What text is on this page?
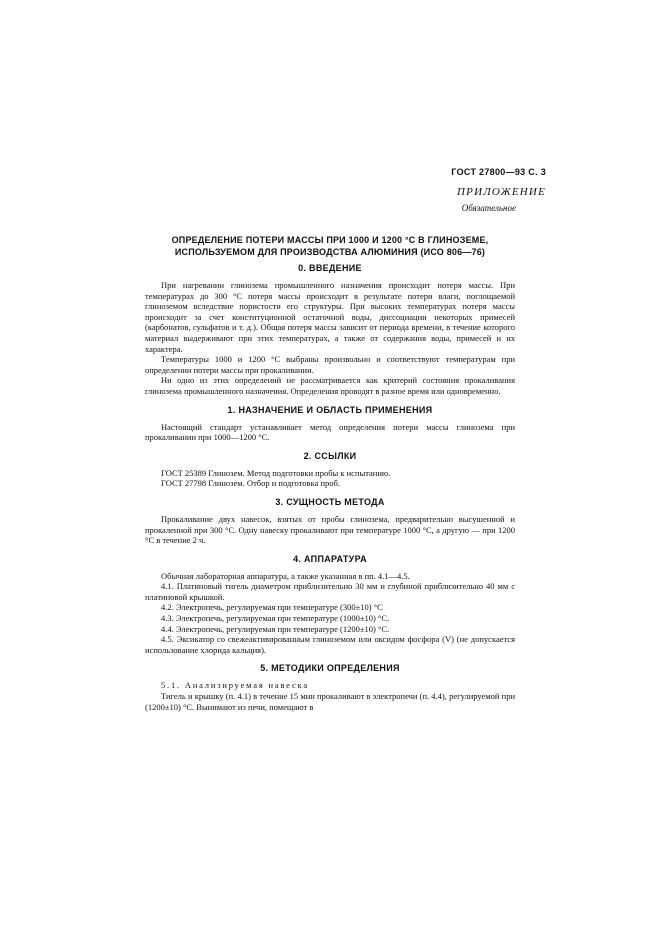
ГОСТ 27800—93 С. 3
ПРИЛОЖЕНИЕ
Обязательное
ОПРЕДЕЛЕНИЕ ПОТЕРИ МАССЫ ПРИ 1000 И 1200 °С В ГЛИНОЗЕМЕ, ИСПОЛЬЗУЕМОМ ДЛЯ ПРОИЗВОДСТВА АЛЮМИНИЯ (ИСО 806—76)
0. ВВЕДЕНИЕ

При нагревании глинозема промышленного назначения происходит потеря массы. При температурах до 300 °С потеря массы происходит в результате потери влаги, поглощаемой глиноземом вследствие пористости его структуры. При высоких температурах потеря массы происходит за счет конституционной остаточной воды, диссоциации некоторых примесей (карбонатов, сульфатов и т. д.). Общая потеря массы зависит от периода времени, в течение которого материал выдерживают при этих температурах, а также от содержания воды, примесей и их характера.

Температуры 1000 и 1200 °С выбраны произвольно и соответствуют температурам при определении потери массы при прокаливании.

Ни одно из этих определений не рассматривается как критерий состояния прокаливания глинозема промышленного назначения. Определения проводят в разное время или одновременно.

1. НАЗНАЧЕНИЕ И ОБЛАСТЬ ПРИМЕНЕНИЯ

Настоящий стандарт устанавливает метод определения потери массы глинозема при прокаливании при 1000—1200 °С.

2. ССЫЛКИ

ГОСТ 25389 Глинозем. Метод подготовки пробы к испытанию.

ГОСТ 27798 Глинозем. Отбор и подготовка проб.

3. СУЩНОСТЬ МЕТОДА

Прокаливание двух навесок, взятых от пробы глинозема, предварительно высушенной и прокаленной при 300 °С. Одну навеску прокаливают при температуре 1000 °С, а другую — при 1200 °С в течение 2 ч.

4. АППАРАТУРА

Обычная лабораторная аппаратура, а также указанная в пп. 4.1—4.5.

4.1. Платиновый тигель диаметром приблизительно 30 мм и глубиной приблизительно 40 мм с платиновой крышкой.

4.2. Электропечь, регулируемая при температуре (300±10) °С

4.3. Электропечь, регулируемая при температуре (1000±10) °С.

4.4. Электропечь, регулируемая при температуре (1200±10) °С.

4.5. Эксикатор со свежеактивированным глиноземом или оксидом фосфора (V) (не допускается использование хлорида кальция).

5. МЕТОДИКИ ОПРЕДЕЛЕНИЯ

5.1. Анализируемая навеска

Тигель и крышку (п. 4.1) в течение 15 мин прокаливают в электропечи (п. 4.4), регулируемой при (1200±10) °С. Вынимают из печи, помещают в
